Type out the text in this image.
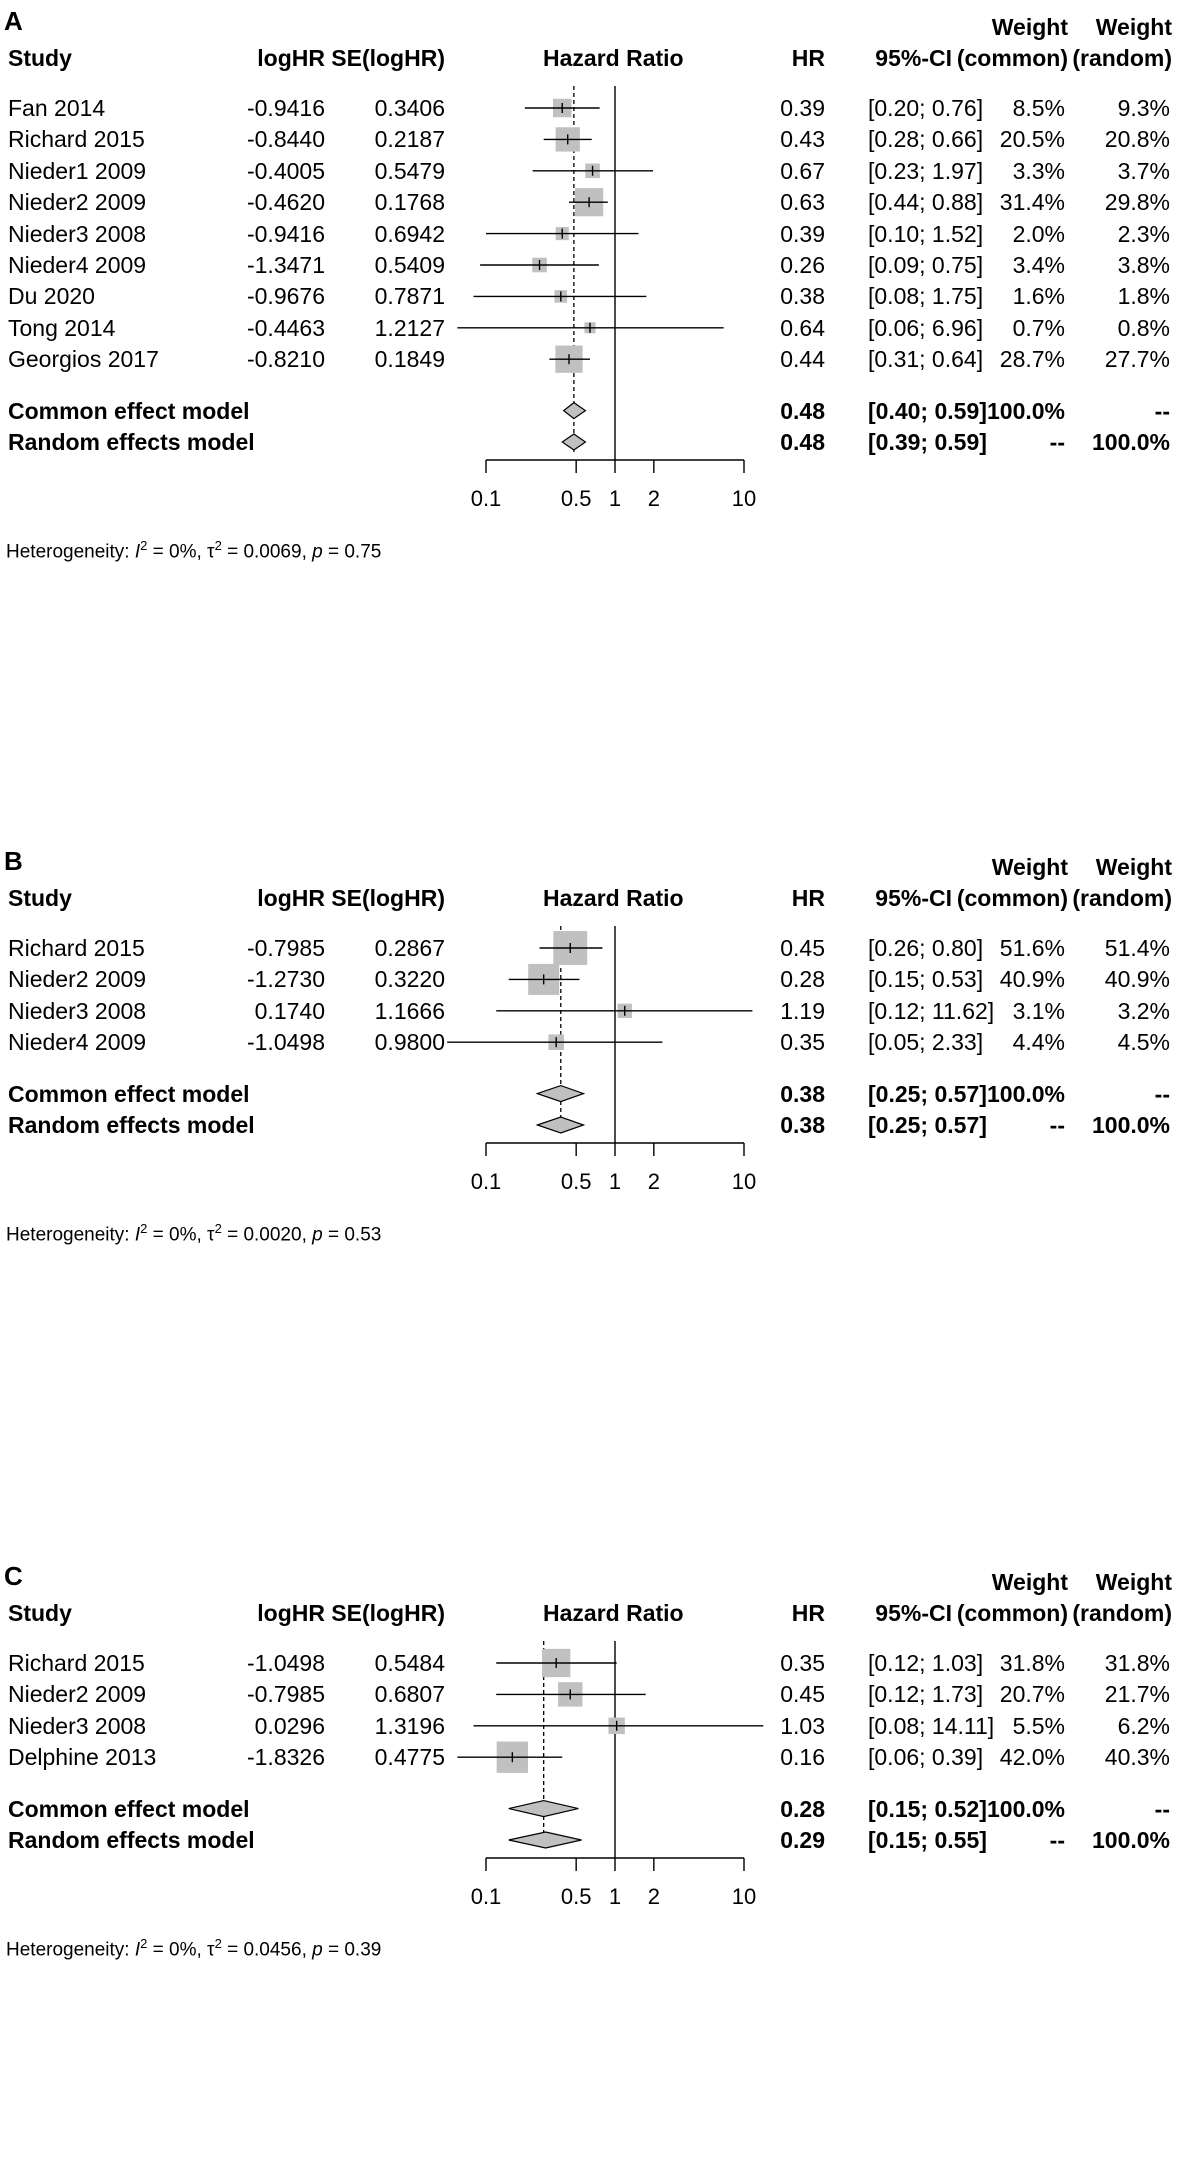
A	Weight Weight
Study	logHR SE(logHR)	Hazard Ratio	HR 95%-CI (common) (random)
Fan 2014	-0.9416 0.3406	0.39 [0.20; 0.76] 8.5% 9.3%
Richard 2015	-0.8440 0.2187	0.43 [0.28; 0.66] 20.5% 20.8%
Nieder1 2009	-0.4005 0.5479	0.67 [0.23; 1.97] 3.3% 3.7%
Nieder2 2009	-0.4620 0.1768	0.63 [0.44; 0.88] 31.4% 29.8%
Nieder3 2008	-0.9416 0.6942	0.39 [0.10; 1.52] 2.0% 2.3%
Nieder4 2009	-1.3471 0.5409	0.26 [0.09; 0.75] 3.4% 3.8%
Du 2020	-0.9676 0.7871	0.38 [0.08; 1.75] 1.6% 1.8%
Tong 2014	-0.4463 1.2127	0.64 [0.06; 6.96] 0.7% 0.8%
Georgios 2017	-0.8210 0.1849	0.44 [0.31; 0.64] 28.7% 27.7%
Common effect model	0.48 [0.40; 0.59] 100.0%	--
Random effects model	0.48 [0.39; 0.59]	-- 100.0%
Heterogeneity: $I^2 = 0\%$, $\tau^2 = 0.0069$, p = 0.75
0.1	0.5 1 2	10
B	Weight Weight
Study	logHR SE(logHR)	Hazard Ratio	HR 95%-CI (common) (random)
Richard 2015	-0.7985 0.2867	0.45 [0.26; 0.80] 51.6% 51.4%
Nieder2 2009	-1.2730 0.3220	0.28 [0.15; 0.53] 40.9% 40.9%
Nieder3 2008	0.1740 1.1666	1.19 [0.12; 11.62] 3.1% 3.2%
Nieder4 2009	-1.0498 0.9800	0.35 [0.05; 2.33] 4.4% 4.5%
Common effect model	0.38 [0.25; 0.57] 100.0%	--
Random effects model	0.38 [0.25; 0.57]	-- 100.0%
Heterogeneity: $I^2 = 0\%$, $\tau^2 = 0.0020$, p = 0.53
0.1	0.5 1 2	10
C	Weight Weight
Study	logHR SE(logHR)	Hazard Ratio	HR 95%-CI (common) (random)
Richard 2015	-1.0498 0.5484	0.35 [0.12; 1.03] 31.8% 31.8%
Nieder2 2009	-0.7985 0.6807	0.45 [0.12; 1.73] 20.7% 21.7%
Nieder3 2008	0.0296 1.3196	1.03 [0.08; 14.11] 5.5% 6.2%
Delphine 2013	-1.8326 0.4775	0.16 [0.06; 0.39] 42.0% 40.3%
Common effect model	0.28 [0.15; 0.52] 100.0%	--
Random effects model	0.29 [0.15; 0.55]	-- 100.0%
Heterogeneity: $I^2 = 0\%$, $\tau^2 = 0.0456$, p = 0.39
0.1	0.5 1 2	10
